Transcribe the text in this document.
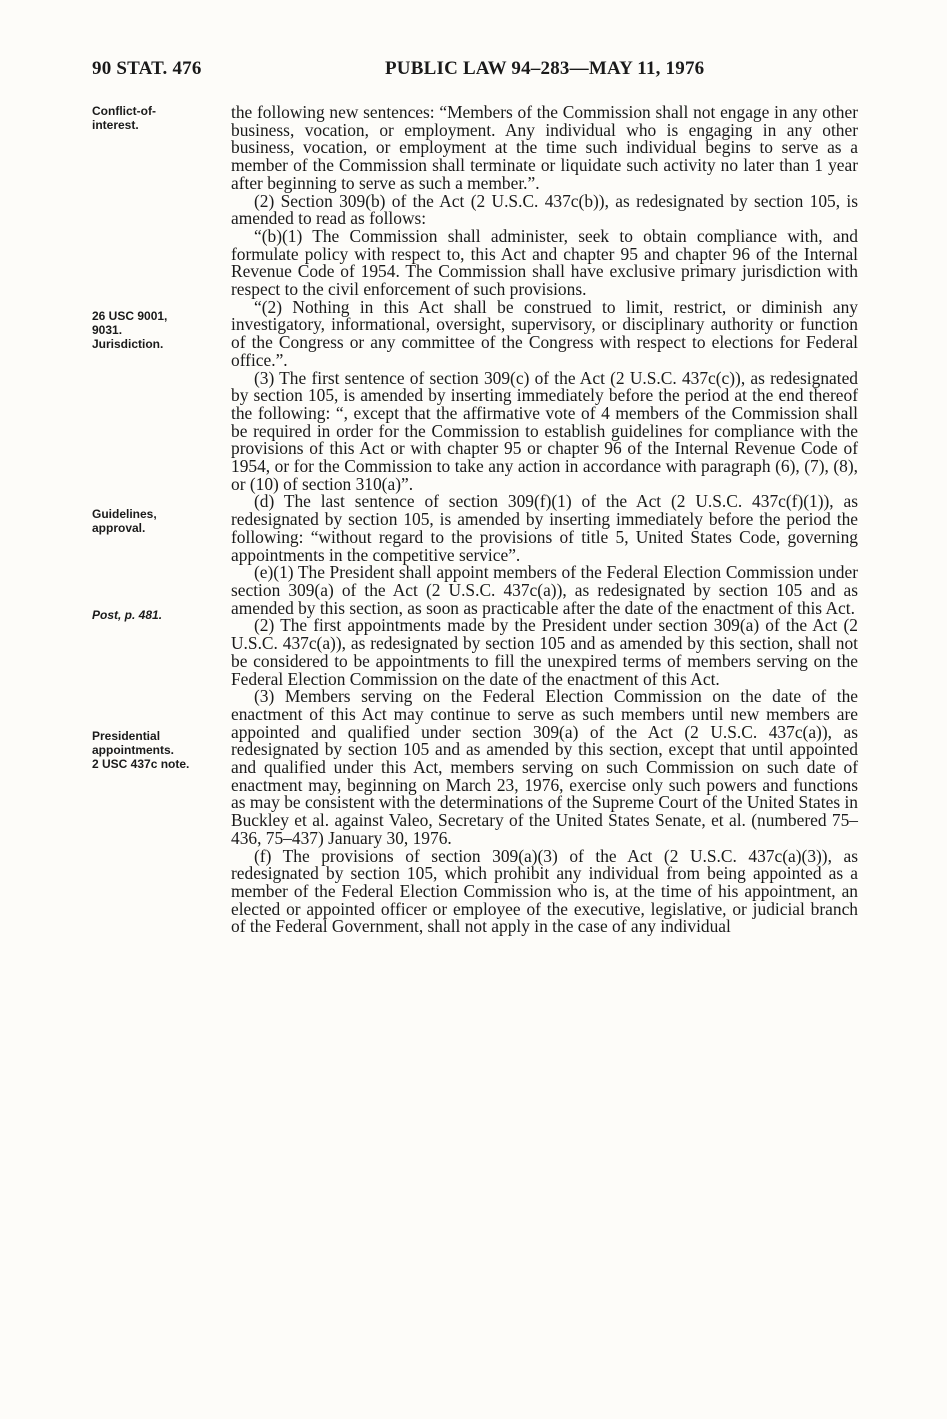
90 STAT. 476	PUBLIC LAW 94–283—MAY 11, 1976
Conflict-of-
interest.
26 USC 9001,
9031.
Jurisdiction.
Guidelines,
approval.
Post, p. 481.
Presidential
appointments.
2 USC 437c note.

the following new sentences: “Members of the Commission shall not engage in any other business, vocation, or employment. Any individual who is engaging in any other business, vocation, or employment at the time such individual begins to serve as a member of the Commission shall terminate or liquidate such activity no later than 1 year after beginning to serve as such a member.”.

(2) Section 309(b) of the Act (2 U.S.C. 437c(b)), as redesignated by section 105, is amended to read as follows:

“(b)(1) The Commission shall administer, seek to obtain compliance with, and formulate policy with respect to, this Act and chapter 95 and chapter 96 of the Internal Revenue Code of 1954. The Commission shall have exclusive primary jurisdiction with respect to the civil enforcement of such provisions.

“(2) Nothing in this Act shall be construed to limit, restrict, or diminish any investigatory, informational, oversight, supervisory, or disciplinary authority or function of the Congress or any committee of the Congress with respect to elections for Federal office.”.

(3) The first sentence of section 309(c) of the Act (2 U.S.C. 437c(c)), as redesignated by section 105, is amended by inserting immediately before the period at the end thereof the following: “, except that the affirmative vote of 4 members of the Commission shall be required in order for the Commission to establish guidelines for compliance with the provisions of this Act or with chapter 95 or chapter 96 of the Internal Revenue Code of 1954, or for the Commission to take any action in accordance with paragraph (6), (7), (8), or (10) of section 310(a)”.

(d) The last sentence of section 309(f)(1) of the Act (2 U.S.C. 437c(f)(1)), as redesignated by section 105, is amended by inserting immediately before the period the following: “without regard to the provisions of title 5, United States Code, governing appointments in the competitive service”.

(e)(1) The President shall appoint members of the Federal Election Commission under section 309(a) of the Act (2 U.S.C. 437c(a)), as redesignated by section 105 and as amended by this section, as soon as practicable after the date of the enactment of this Act.

(2) The first appointments made by the President under section 309(a) of the Act (2 U.S.C. 437c(a)), as redesignated by section 105 and as amended by this section, shall not be considered to be appointments to fill the unexpired terms of members serving on the Federal Election Commission on the date of the enactment of this Act.

(3) Members serving on the Federal Election Commission on the date of the enactment of this Act may continue to serve as such members until new members are appointed and qualified under section 309(a) of the Act (2 U.S.C. 437c(a)), as redesignated by section 105 and as amended by this section, except that until appointed and qualified under this Act, members serving on such Commission on such date of enactment may, beginning on March 23, 1976, exercise only such powers and functions as may be consistent with the determinations of the Supreme Court of the United States in Buckley et al. against Valeo, Secretary of the United States Senate, et al. (numbered 75–436, 75–437) January 30, 1976.

(f) The provisions of section 309(a)(3) of the Act (2 U.S.C. 437c(a)(3)), as redesignated by section 105, which prohibit any individual from being appointed as a member of the Federal Election Commission who is, at the time of his appointment, an elected or appointed officer or employee of the executive, legislative, or judicial branch of the Federal Government, shall not apply in the case of any individual
